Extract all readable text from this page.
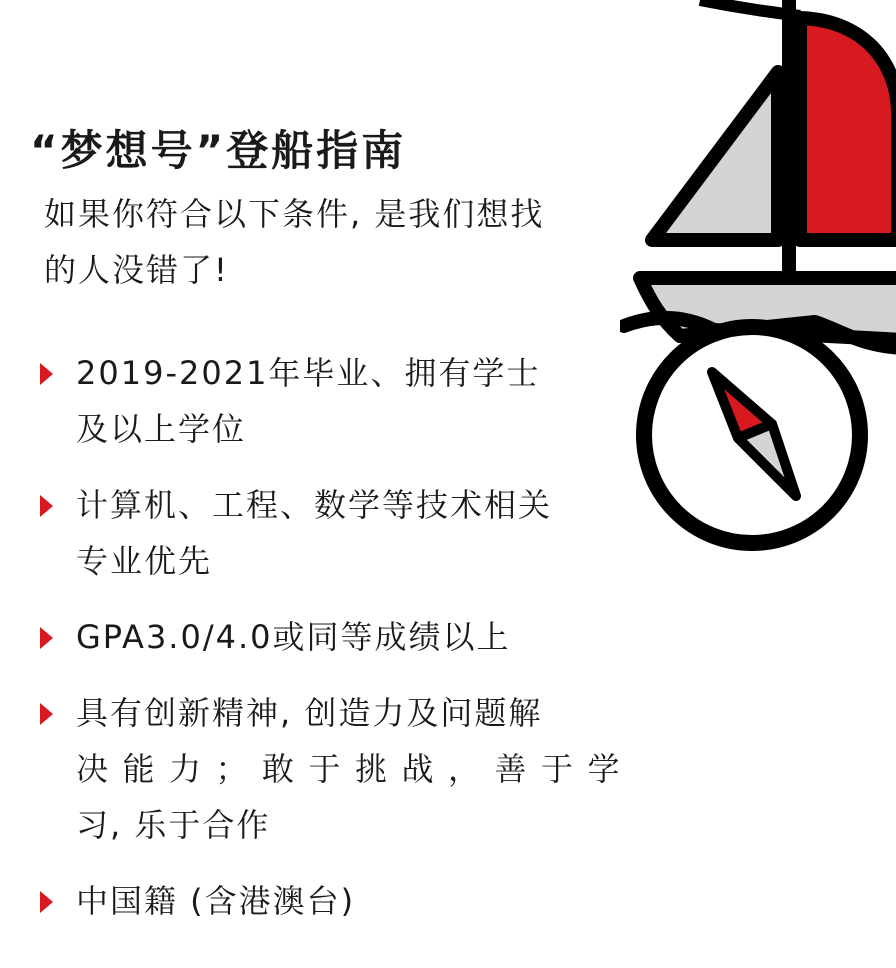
“梦想号”登船指南
如果你符合以下条件, 是我们想找
的人没错了!
2019-2021年毕业、拥有学士
及以上学位
计算机、工程、数学等技术相关
专业优先
GPA3.0/4.0或同等成绩以上
具有创新精神, 创造力及问题解
决能力；敢于挑战，善于学
习, 乐于合作
中国籍 (含港澳台)
